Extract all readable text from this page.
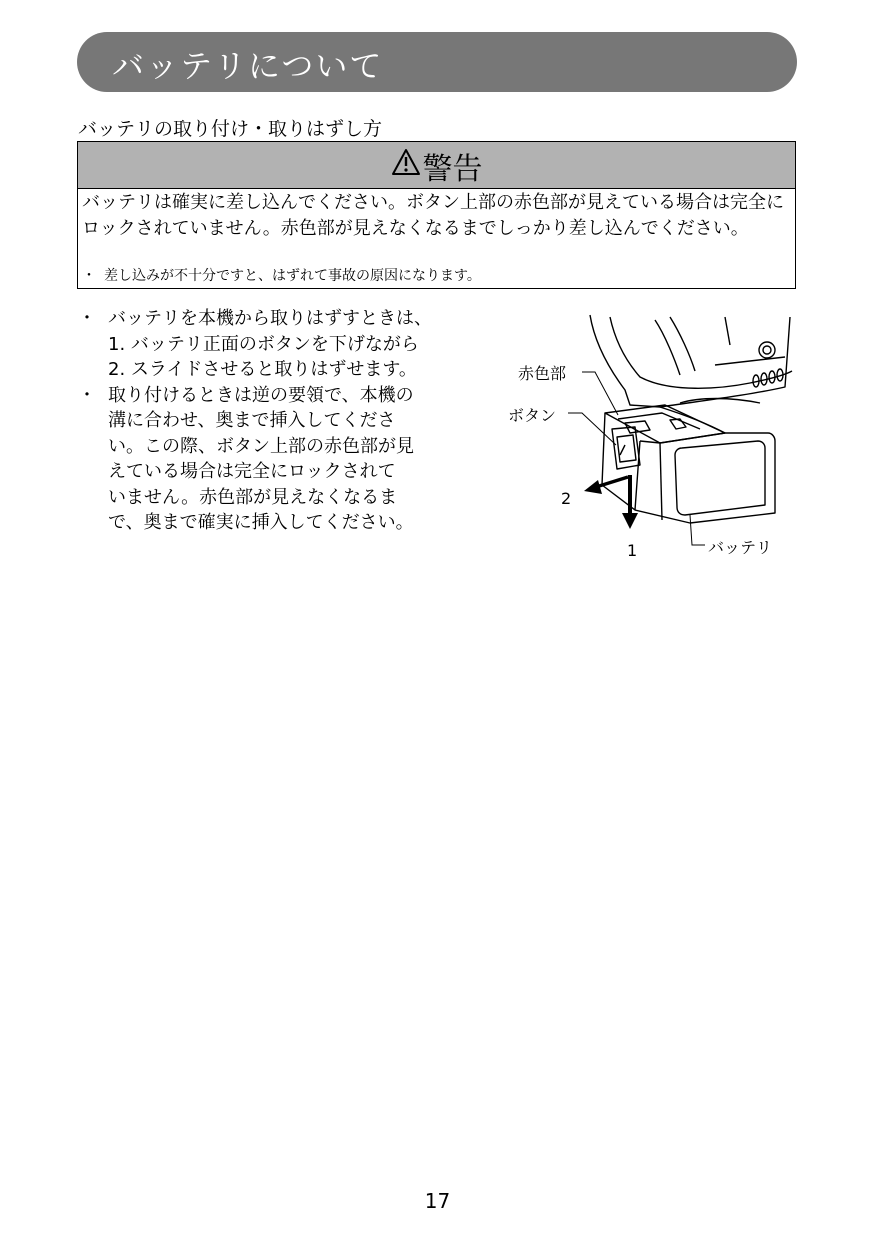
バッテリについて
バッテリの取り付け・取りはずし方
警告
バッテリは確実に差し込んでください。ボタン上部の赤色部が見えている場合は完全にロックされていません。赤色部が見えなくなるまでしっかり差し込んでください。
・ 差し込みが不十分ですと、はずれて事故の原因になります。
・ バッテリを本機から取りはずすときは、
1. バッテリ正面のボタンを下げながら
2. スライドさせると取りはずせます。
・ 取り付けるときは逆の要領で、本機の
溝に合わせ、奥まで挿入してくださ
い。この際、ボタン上部の赤色部が見
えている場合は完全にロックされて
いません。赤色部が見えなくなるま
で、奥まで確実に挿入してください。
赤色部
ボタン
2
1	バッテリ
17
